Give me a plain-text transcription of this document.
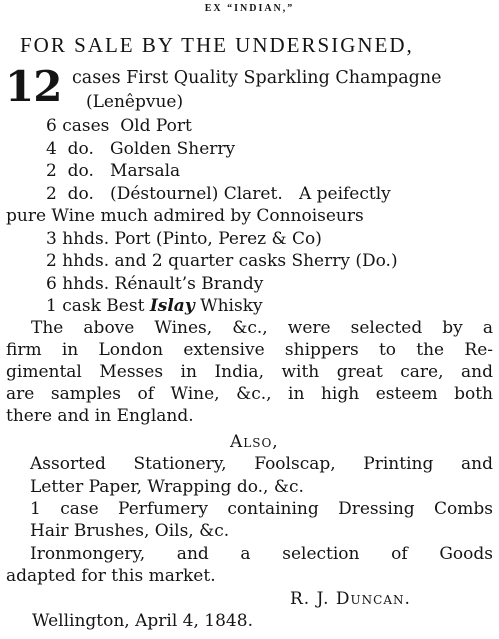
EX “INDIAN,”
FOR SALE BY THE UNDERSIGNED,
12 cases First Quality Sparkling Champagne
(Lenêpvue)
6 cases  Old Port
4  do.   Golden Sherry
2  do.   Marsala
2  do.   (Déstournel) Claret.   A peifectly
pure Wine much admired by Connoiseurs
3 hhds. Port (Pinto, Perez & Co)
2 hhds. and 2 quarter casks Sherry (Do.)
6 hhds. Rénault’s Brandy
1 cask Best Islay Whisky
The above Wines, &c., were selected by a
firm in London extensive shippers to the Re-
gimental Messes in India, with great care, and
are samples of Wine, &c., in high esteem both
there and in England.
Also,
Assorted Stationery, Foolscap, Printing and
Letter Paper, Wrapping do., &c.
1 case Perfumery containing Dressing Combs
Hair Brushes, Oils, &c.
Ironmongery, and a selection of Goods
adapted for this market.
R. J. Duncan.
Wellington, April 4, 1848.
